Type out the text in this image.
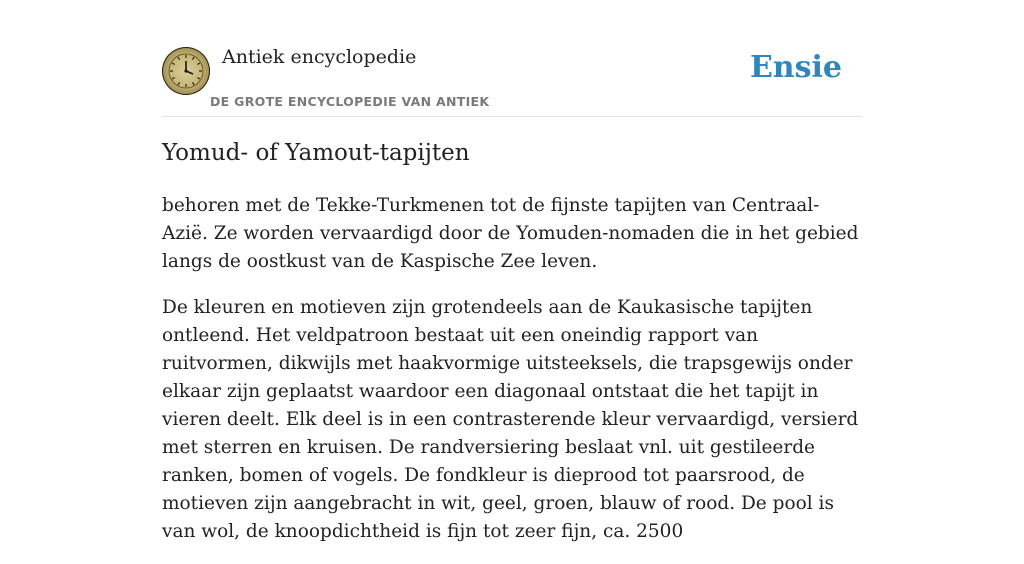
Antiek encyclopedie
DE GROTE ENCYCLOPEDIE VAN ANTIEK
Ensie
Yomud- of Yamout-tapijten

behoren met de Tekke-Turkmenen tot de fijnste tapijten van Centraal-Azië. Ze worden vervaardigd door de Yomuden-nomaden die in het gebied langs de oostkust van de Kaspische Zee leven.

De kleuren en motieven zijn grotendeels aan de Kaukasische tapijten ontleend. Het veldpatroon bestaat uit een oneindig rapport van ruitvormen, dikwijls met haakvormige uitsteeksels, die trapsgewijs onder elkaar zijn geplaatst waardoor een diagonaal ontstaat die het tapijt in vieren deelt. Elk deel is in een contrasterende kleur vervaardigd, versierd met sterren en kruisen. De randversiering beslaat vnl. uit gestileerde ranken, bomen of vogels. De fondkleur is dieprood tot paarsrood, de motieven zijn aangebracht in wit, geel, groen, blauw of rood. De pool is van wol, de knoopdichtheid is fijn tot zeer fijn, ca. 2500
